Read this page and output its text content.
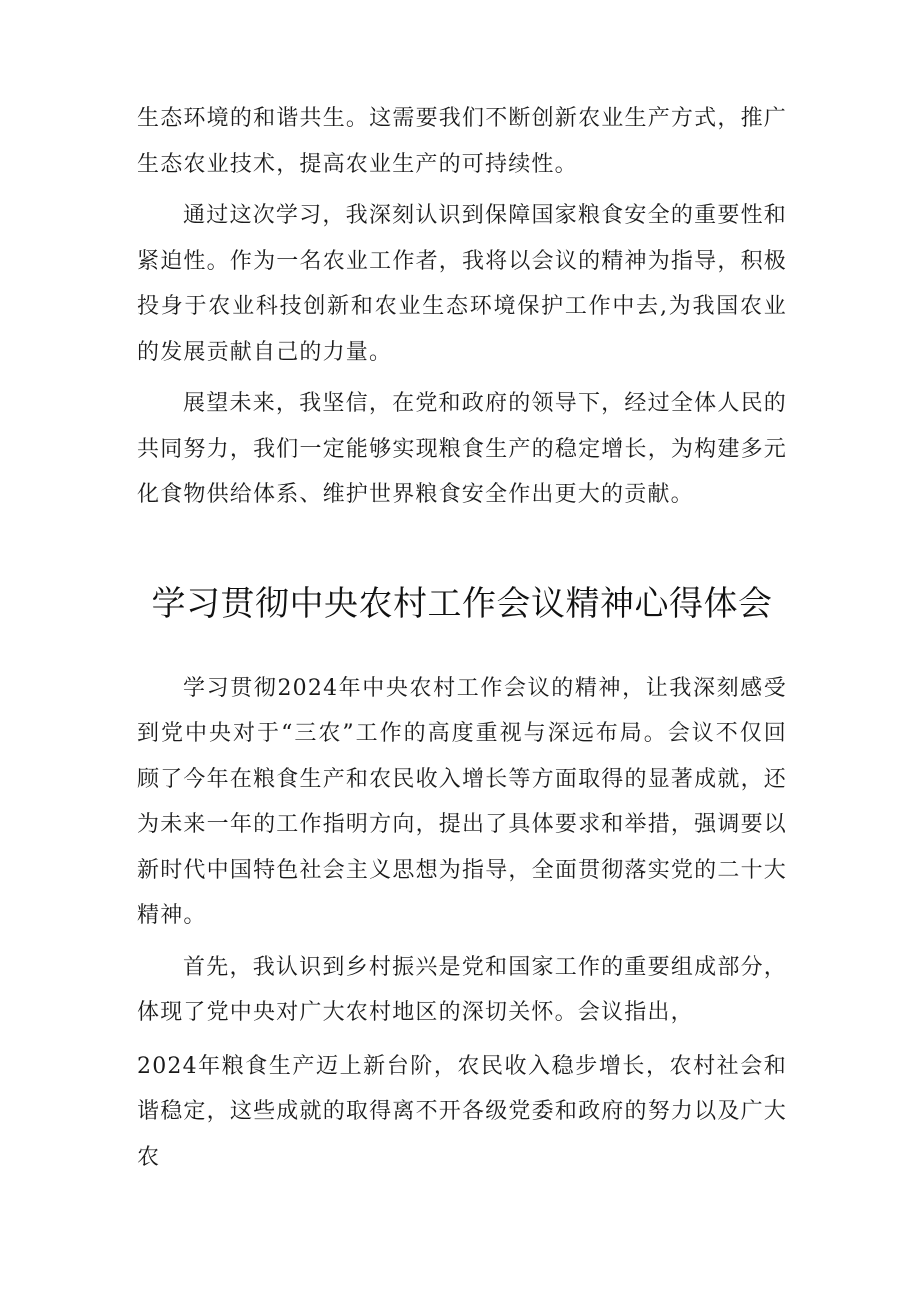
生态环境的和谐共生。这需要我们不断创新农业生产方式，推广生态农业技术，提高农业生产的可持续性。

通过这次学习，我深刻认识到保障国家粮食安全的重要性和紧迫性。作为一名农业工作者，我将以会议的精神为指导，积极投身于农业科技创新和农业生态环境保护工作中去,为我国农业的发展贡献自己的力量。

展望未来，我坚信，在党和政府的领导下，经过全体人民的共同努力，我们一定能够实现粮食生产的稳定增长，为构建多元化食物供给体系、维护世界粮食安全作出更大的贡献。

学习贯彻中央农村工作会议精神心得体会

学习贯彻2024年中央农村工作会议的精神，让我深刻感受到党中央对于“三农”工作的高度重视与深远布局。会议不仅回顾了今年在粮食生产和农民收入增长等方面取得的显著成就，还为未来一年的工作指明方向，提出了具体要求和举措，强调要以新时代中国特色社会主义思想为指导，全面贯彻落实党的二十大精神。

首先，我认识到乡村振兴是党和国家工作的重要组成部分，体现了党中央对广大农村地区的深切关怀。会议指出，

2024年粮食生产迈上新台阶，农民收入稳步增长，农村社会和谐稳定，这些成就的取得离不开各级党委和政府的努力以及广大农
